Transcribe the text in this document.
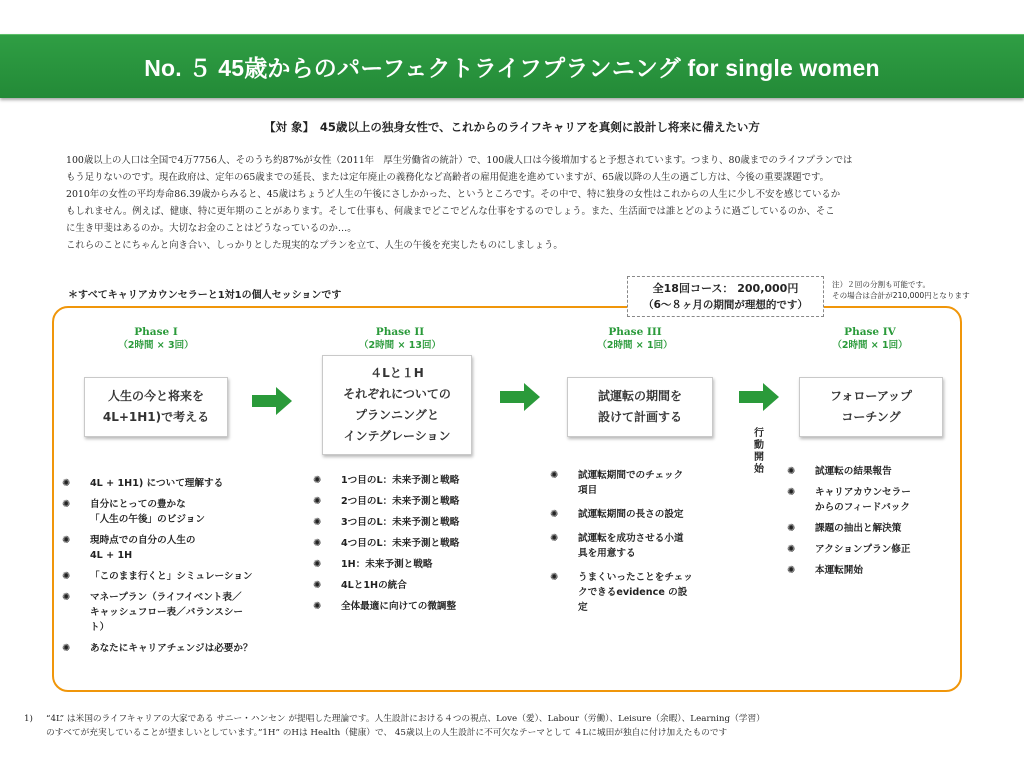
No. ５ 45歳からのパーフェクトライフプランニング for single women
【対 象】　45歳以上の独身女性で、これからのライフキャリアを真剣に設計し将来に備えたい方

100歳以上の人口は全国で4万7756人、そのうち約87%が女性（2011年　厚生労働省の統計）で、100歳人口は今後増加すると予想されています。つまり、80歳までのライフプランでは

もう足りないのです。現在政府は、定年の65歳までの延長、または定年廃止の義務化など高齢者の雇用促進を進めていますが、65歳以降の人生の過ごし方は、今後の重要課題です。

2010年の女性の平均寿命86.39歳からみると、45歳はちょうど人生の午後にさしかかった、というところです。その中で、特に独身の女性はこれからの人生に少し不安を感じているか

もしれません。例えば、健康、特に更年期のことがあります。そして仕事も、何歳までどこでどんな仕事をするのでしょう。また、生活面では誰とどのように過ごしているのか、そこ

に生き甲斐はあるのか。大切なお金のことはどうなっているのか…。

これらのことにちゃんと向き合い、しっかりとした現実的なプランを立て、人生の午後を充実したものにしましょう。

＊すべてキャリアカウンセラーと1対1の個人セッションです
全18回コース： 200,000円
（6〜８ヶ月の期間が理想的です）
注）２回の分割も可能です。
その場合は合計が210,000円となります
Phase I
（2時間 × 3回）
Phase II
（2時間 × 13回）
Phase III
（2時間 × 1回）
Phase IV
（2時間 × 1回）
人生の今と将来を
4L+1H1)で考える
４Lと１H
それぞれについての
プランニングと
インテグレーション
試運転の期間を
設けて計画する
フォローアップ
コーチング
行動開始
✺ 4L + 1H1) について理解する
✺ 自分にとっての豊かな
「人生の午後」のビジョン
✺ 現時点での自分の人生の
4L + 1H
✺ 「このまま行くと」シミュレーション
✺ マネープラン（ライフイベント表／
キャッシュフロー表／バランスシー
ト）
✺ あなたにキャリアチェンジは必要か？
✺ 1つ目のL：未来予測と戦略
✺ 2つ目のL：未来予測と戦略
✺ 3つ目のL：未来予測と戦略
✺ 4つ目のL：未来予測と戦略
✺ 1H：未来予測と戦略
✺ 4Lと1Hの統合
✺ 全体最適に向けての微調整
✺ 試運転期間でのチェック
項目
✺ 試運転期間の長さの設定
✺ 試運転を成功させる小道
具を用意する
✺ うまくいったことをチェッ
クできるevidence の設
定
✺ 試運転の結果報告
✺ キャリアカウンセラー
からのフィードバック
✺ 課題の抽出と解決策
✺ アクションプラン修正
✺ 本運転開始
1) “4L” は米国のライフキャリアの大家である サニー・ハンセン が提唱した理論です。人生設計における４つの視点、Love（愛）、Labour（労働）、Leisure（余暇）、Learning（学習）

のすべてが充実していることが望ましいとしています。”1H” のHは Health（健康）で、 45歳以上の人生設計に不可欠なテーマとして ４Lに城田が独自に付け加えたものです
